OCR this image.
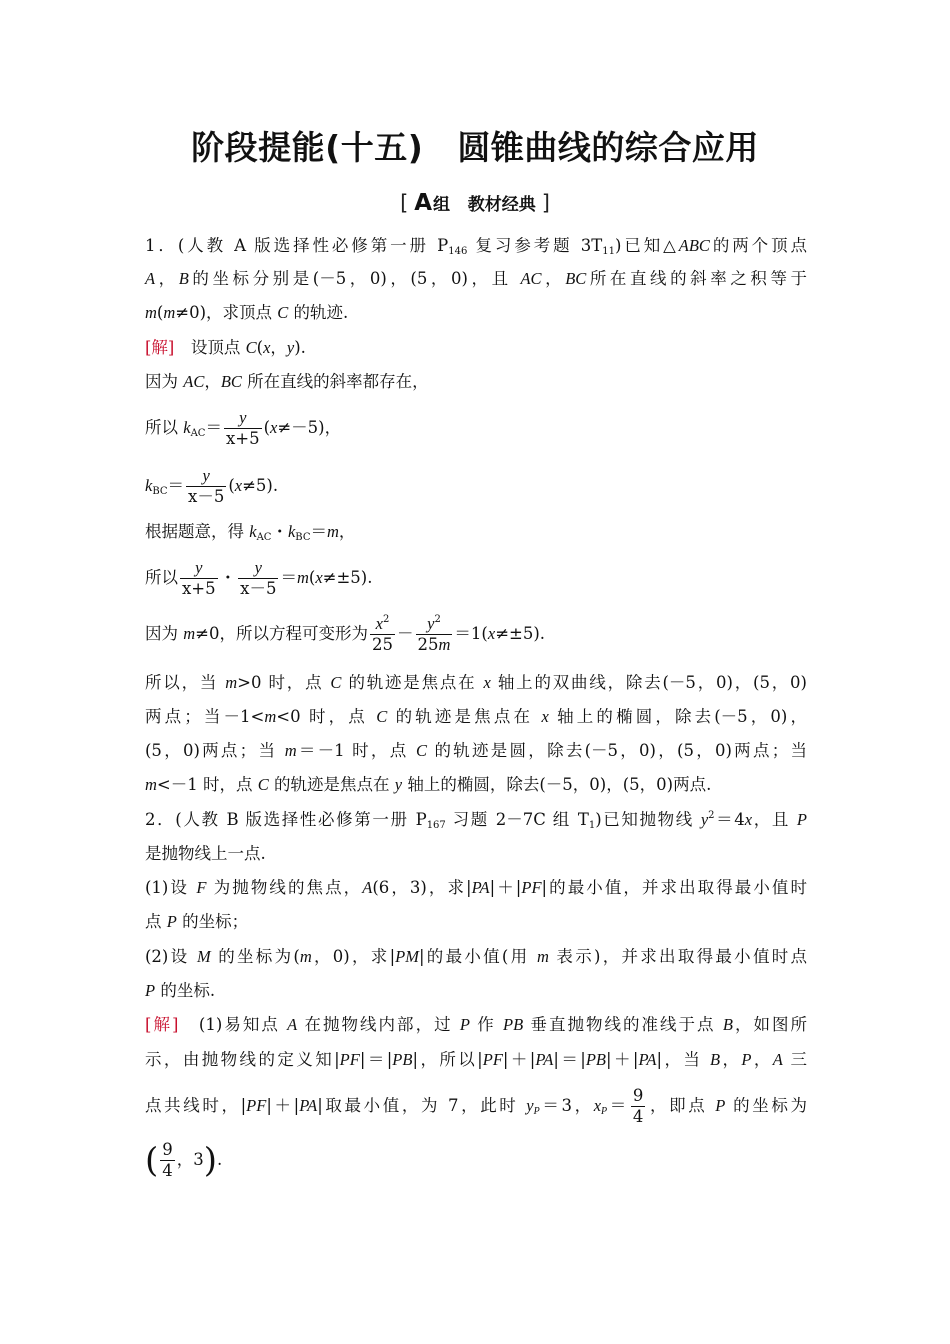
阶段提能(十五) 圆锥曲线的综合应用
[ A组 教材经典 ]
1．(人教 A 版选择性必修第一册 $P_{146}$ 复习参考题 $3T_{11}$)已知△ABC的两个顶点
A，B的坐标分别是(－5，0)，(5，0)，且 AC，BC所在直线的斜率之积等于
m(m≠0)，求顶点 C 的轨迹.
[解]　设顶点 C(x，y).
因为 AC，BC 所在直线的斜率都存在，
所以 $k_{AC}= \frac{y}{x+5} (x\ne-5)$，
$k_{BC}= \frac{y}{x-5} (x\ne 5)$.
根据题意，得 $k_{AC}$・$k_{BC}=m$，
所以 $\frac{y}{x+5}$ ・ $\frac{y}{x-5} =m(x\ne\pm 5)$.
因为 m≠0，所以方程可变形为 $\frac{x^2}{25} - \frac{y^2}{25m} =1(x\ne\pm 5)$.
所以，当 m>0 时，点 C 的轨迹是焦点在 x 轴上的双曲线，除去(－5，0)，(5，0)
两点；当－1<m<0 时，点 C 的轨迹是焦点在 x 轴上的椭圆，除去(－5，0)，
(5，0)两点；当 m＝－1 时，点 C 的轨迹是圆，除去(－5，0)，(5，0)两点；当
m<－1 时，点 C 的轨迹是焦点在 y 轴上的椭圆，除去(－5，0)，(5，0)两点.
2．(人教 B 版选择性必修第一册 $P_{167}$ 习题 2－7C 组 $T_1$)已知抛物线 $y^2=4x$，且 P
是抛物线上一点.
(1)设 F 为抛物线的焦点，A(6，3)，求|PA|＋|PF|的最小值，并求出取得最小值时
点 P 的坐标；
(2)设 M 的坐标为(m，0)，求|PM|的最小值(用 m 表示)，并求出取得最小值时点
P 的坐标.
[解]　(1)易知点 A 在抛物线内部，过 P 作 PB 垂直抛物线的准线于点 B，如图所
示，由抛物线的定义知|PF|＝|PB|，所以|PF|＋|PA|＝|PB|＋|PA|，当 B，P，A 三
点共线时，|PF|＋|PA|取最小值，为 7，此时 $y_P=3$，$x_P= \frac{9}{4}$ ，即点 P 的坐标为
( $\frac{9}{4}$ ，3).
